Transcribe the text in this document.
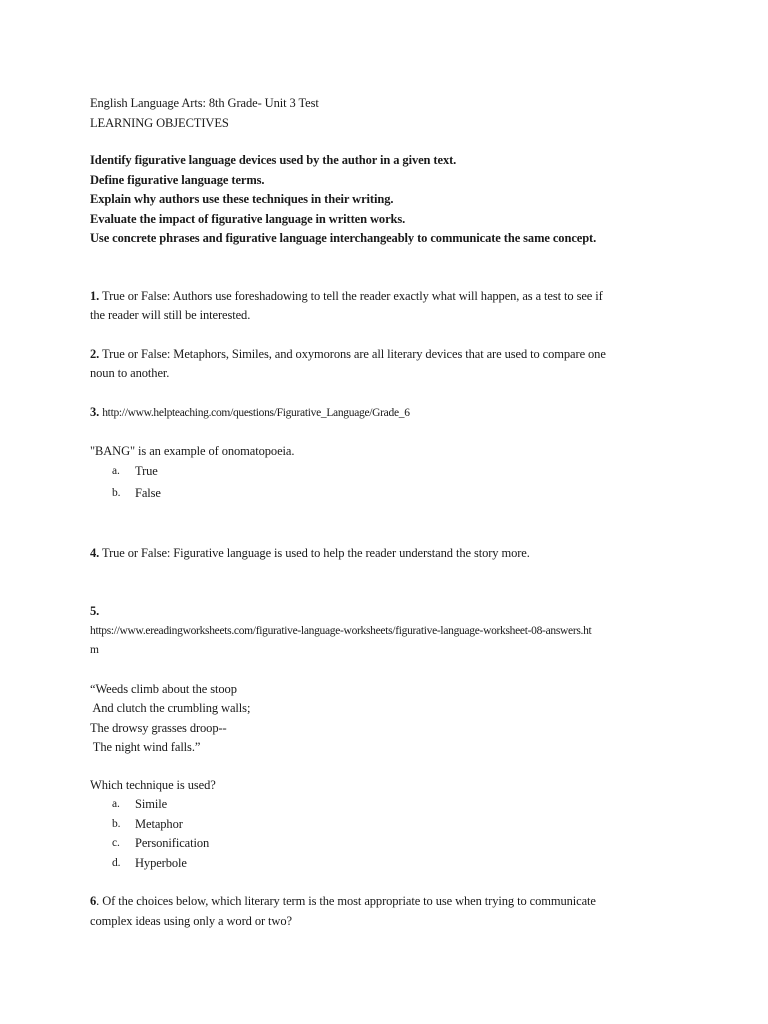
English Language Arts: 8th Grade- Unit 3 Test
LEARNING OBJECTIVES
Identify figurative language devices used by the author in a given text.
Define figurative language terms.
Explain why authors use these techniques in their writing.
Evaluate the impact of figurative language in written works.
Use concrete phrases and figurative language interchangeably to communicate the same concept.
1. True or False: Authors use foreshadowing to tell the reader exactly what will happen, as a test to see if
the reader will still be interested.
2. True or False: Metaphors, Similes, and oxymorons are all literary devices that are used to compare one
noun to another.
3. http://www.helpteaching.com/questions/Figurative_Language/Grade_6
"BANG" is an example of onomatopoeia.
a.	True
b.	False
4. True or False: Figurative language is used to help the reader understand the story more.
5.
https://www.ereadingworksheets.com/figurative-language-worksheets/figurative-language-worksheet-08-answers.ht
m
“Weeds climb about the stoop
And clutch the crumbling walls;
The drowsy grasses droop--
The night wind falls.”
Which technique is used?
a.	Simile
b.	Metaphor
c.	Personification
d.	Hyperbole
6. Of the choices below, which literary term is the most appropriate to use when trying to communicate
complex ideas using only a word or two?
